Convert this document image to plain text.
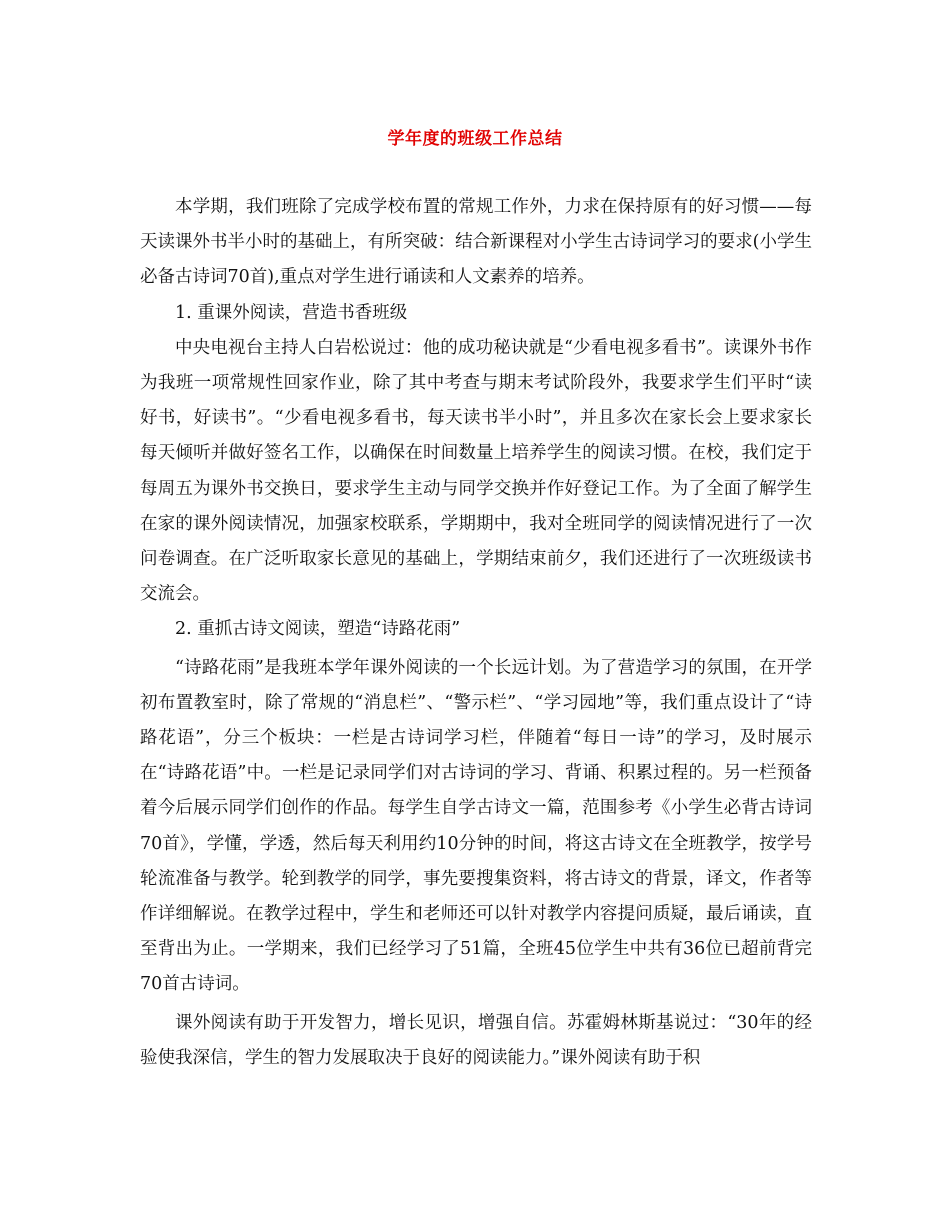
学年度的班级工作总结

本学期，我们班除了完成学校布置的常规工作外，力求在保持原有的好习惯——每天读课外书半小时的基础上，有所突破：结合新课程对小学生古诗词学习的要求(小学生必备古诗词70首),重点对学生进行诵读和人文素养的培养。

1. 重课外阅读，营造书香班级

中央电视台主持人白岩松说过：他的成功秘诀就是“少看电视多看书”。读课外书作为我班一项常规性回家作业，除了其中考查与期末考试阶段外，我要求学生们平时“读好书，好读书”。“少看电视多看书，每天读书半小时”，并且多次在家长会上要求家长每天倾听并做好签名工作，以确保在时间数量上培养学生的阅读习惯。在校，我们定于每周五为课外书交换日，要求学生主动与同学交换并作好登记工作。为了全面了解学生在家的课外阅读情况，加强家校联系，学期期中，我对全班同学的阅读情况进行了一次问卷调查。在广泛听取家长意见的基础上，学期结束前夕，我们还进行了一次班级读书交流会。

2. 重抓古诗文阅读，塑造“诗路花雨”

“诗路花雨”是我班本学年课外阅读的一个长远计划。为了营造学习的氛围，在开学初布置教室时，除了常规的“消息栏”、“警示栏”、“学习园地”等，我们重点设计了“诗路花语”，分三个板块：一栏是古诗词学习栏，伴随着“每日一诗”的学习，及时展示在“诗路花语”中。一栏是记录同学们对古诗词的学习、背诵、积累过程的。另一栏预备着今后展示同学们创作的作品。每学生自学古诗文一篇，范围参考《小学生必背古诗词70首》，学懂，学透，然后每天利用约10分钟的时间，将这古诗文在全班教学，按学号轮流准备与教学。轮到教学的同学，事先要搜集资料，将古诗文的背景，译文，作者等作详细解说。在教学过程中，学生和老师还可以针对教学内容提问质疑，最后诵读，直至背出为止。一学期来，我们已经学习了51篇，全班45位学生中共有36位已超前背完70首古诗词。

课外阅读有助于开发智力，增长见识，增强自信。苏霍姆林斯基说过：“30年的经验使我深信，学生的智力发展取决于良好的阅读能力。”课外阅读有助于积
